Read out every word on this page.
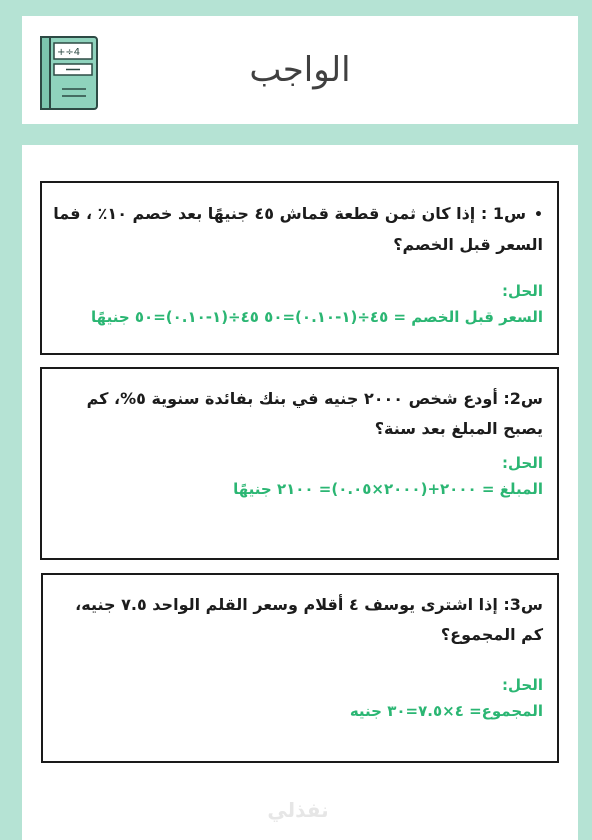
+÷4	الواجب
•س1 : إذا كان ثمن قطعة قماش ٤٥ جنيهًا بعد خصم ١٠٪ ، فما السعر قبل الخصم؟
الحل:
السعر قبل الخصم = ٤٥÷(١-٠.١٠)=٥٠ ٤٥÷(١-٠.١٠)=٥٠ جنيهًا
س2: أودع شخص ٢٠٠٠ جنيه في بنك بفائدة سنوية ٥%، كم يصبح المبلغ بعد سنة؟
الحل:
المبلغ = ٢٠٠٠+(٢٠٠٠×٠.٠٥)= ٢١٠٠ جنيهًا
س3: إذا اشترى يوسف ٤ أقلام وسعر القلم الواحد ٧.٥ جنيه، كم المجموع؟
الحل:
المجموع= ٤×٧.٥=٣٠ جنيه
نفذلي
